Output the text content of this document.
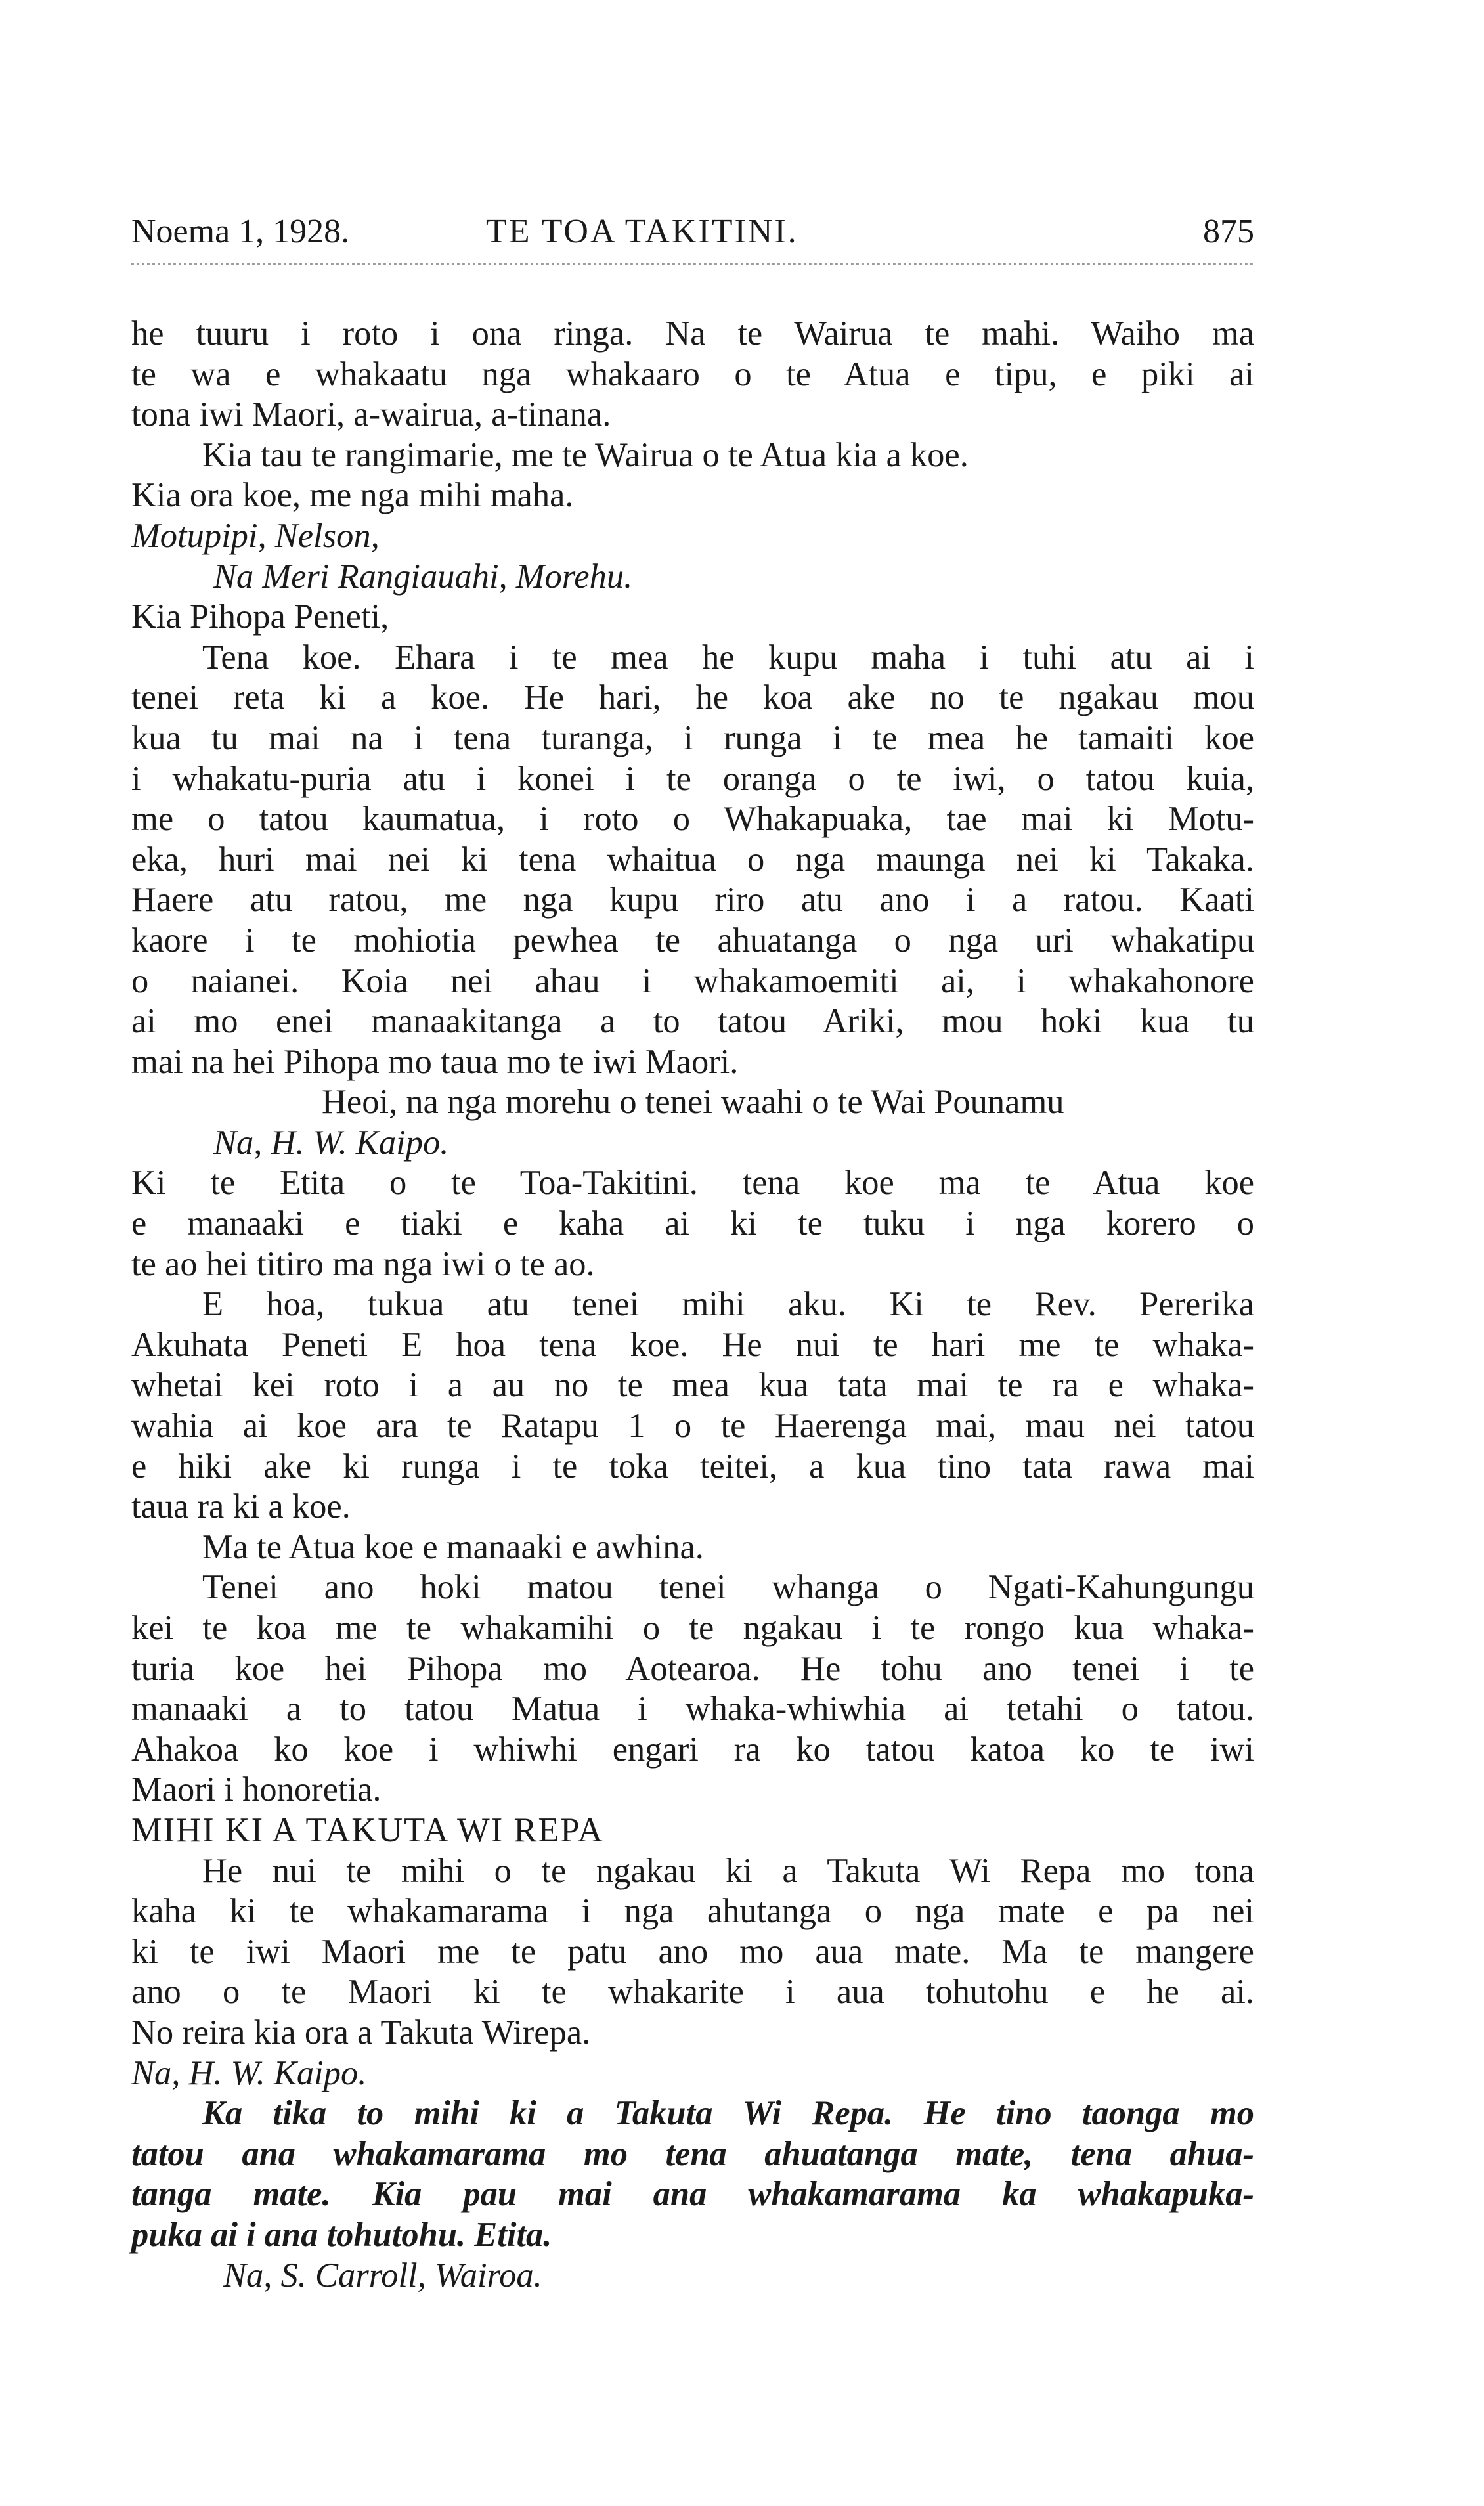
Noema 1, 1928.	TE TOA TAKITINI.	875

he tuuru i roto i ona ringa. Na te Wairua te mahi. Waiho ma

te wa e whakaatu nga whakaaro o te Atua e tipu, e piki ai

tona iwi Maori, a-wairua, a-tinana.

Kia tau te rangimarie, me te Wairua o te Atua kia a koe.

Kia ora koe, me nga mihi maha.

Motupipi, Nelson,

Na Meri Rangiauahi, Morehu.

Kia Pihopa Peneti,

Tena koe. Ehara i te mea he kupu maha i tuhi atu ai i

tenei reta ki a koe. He hari, he koa ake no te ngakau mou

kua tu mai na i tena turanga, i runga i te mea he tamaiti koe

i whakatu-puria atu i konei i te oranga o te iwi, o tatou kuia,

me o tatou kaumatua, i roto o Whakapuaka, tae mai ki Motu-

eka, huri mai nei ki tena whaitua o nga maunga nei ki Takaka.

Haere atu ratou, me nga kupu riro atu ano i a ratou. Kaati

kaore i te mohiotia pewhea te ahuatanga o nga uri whakatipu

o naianei. Koia nei ahau i whakamoemiti ai, i whakahonore

ai mo enei manaakitanga a to tatou Ariki, mou hoki kua tu

mai na hei Pihopa mo taua mo te iwi Maori.

Heoi, na nga morehu o tenei waahi o te Wai Pounamu

Na, H. W. Kaipo.

Ki te Etita o te Toa-Takitini. tena koe ma te Atua koe

e manaaki e tiaki e kaha ai ki te tuku i nga korero o

te ao hei titiro ma nga iwi o te ao.

E hoa, tukua atu tenei mihi aku. Ki te Rev. Pererika

Akuhata Peneti E hoa tena koe. He nui te hari me te whaka-

whetai kei roto i a au no te mea kua tata mai te ra e whaka-

wahia ai koe ara te Ratapu 1 o te Haerenga mai, mau nei tatou

e hiki ake ki runga i te toka teitei, a kua tino tata rawa mai

taua ra ki a koe.

Ma te Atua koe e manaaki e awhina.

Tenei ano hoki matou tenei whanga o Ngati-Kahungungu

kei te koa me te whakamihi o te ngakau i te rongo kua whaka-

turia koe hei Pihopa mo Aotearoa. He tohu ano tenei i te

manaaki a to tatou Matua i whaka-whiwhia ai tetahi o tatou.

Ahakoa ko koe i whiwhi engari ra ko tatou katoa ko te iwi

Maori i honoretia.

MIHI KI A TAKUTA WI REPA

He nui te mihi o te ngakau ki a Takuta Wi Repa mo tona

kaha ki te whakamarama i nga ahutanga o nga mate e pa nei

ki te iwi Maori me te patu ano mo aua mate. Ma te mangere

ano o te Maori ki te whakarite i aua tohutohu e he ai.

No reira kia ora a Takuta Wirepa.

Na, H. W. Kaipo.

Ka tika to mihi ki a Takuta Wi Repa. He tino taonga mo

tatou ana whakamarama mo tena ahuatanga mate, tena ahua-

tanga mate. Kia pau mai ana whakamarama ka whakapuka-

puka ai i ana tohutohu. Etita.

Na, S. Carroll, Wairoa.
